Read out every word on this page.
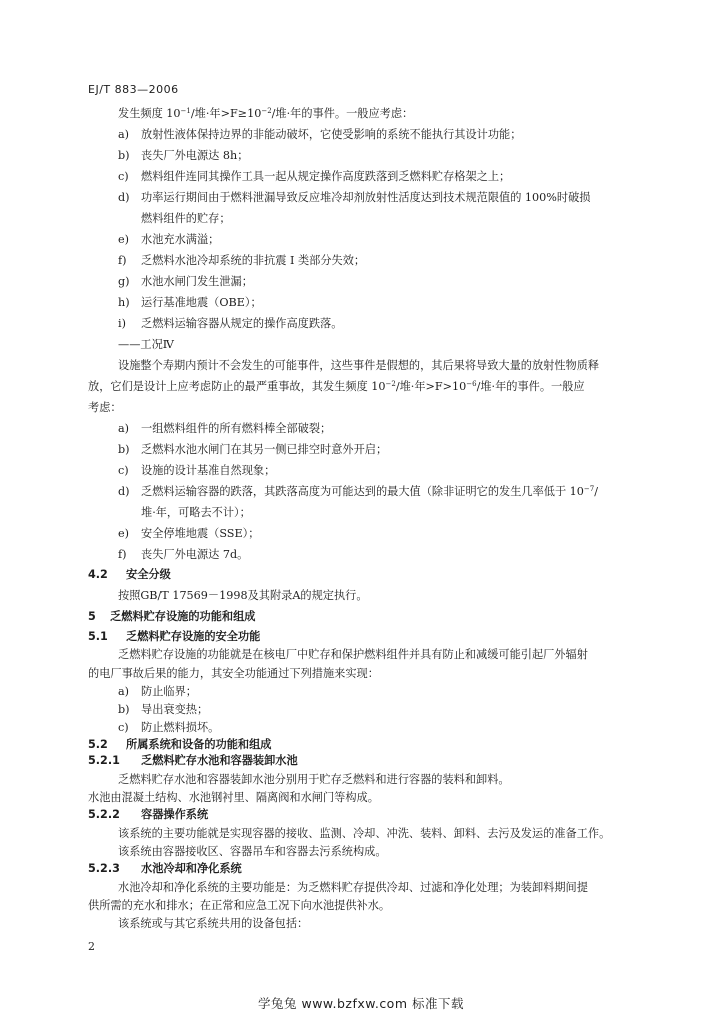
EJ/T 883—2006
发生频度 $10^{-1}/$堆·年$>F\ge 10^{-2}/$堆·年的事件。一般应考虑：
a) 放射性液体保持边界的非能动破坏，它使受影响的系统不能执行其设计功能；
b) 丧失厂外电源达 8h；
c) 燃料组件连同其操作工具一起从规定操作高度跌落到乏燃料贮存格架之上；
d) 功率运行期间由于燃料泄漏导致反应堆冷却剂放射性活度达到技术规范限值的 100%时破损
燃料组件的贮存；
e) 水池充水满溢；
f) 乏燃料水池冷却系统的非抗震 I 类部分失效；
g) 水池水闸门发生泄漏；
h) 运行基准地震（OBE）；
i) 乏燃料运输容器从规定的操作高度跌落。
——工况Ⅳ
设施整个寿期内预计不会发生的可能事件，这些事件是假想的，其后果将导致大量的放射性物质释
放，它们是设计上应考虑防止的最严重事故，其发生频度 $10^{-2}/$堆·年$>F>10^{-6}/$堆·年的事件。一般应
考虑：
a) 一组燃料组件的所有燃料棒全部破裂；
b) 乏燃料水池水闸门在其另一侧已排空时意外开启；
c) 设施的设计基准自然现象；
d) 乏燃料运输容器的跌落，其跌落高度为可能达到的最大值（除非证明它的发生几率低于 $10^{-7}/$
堆·年，可略去不计）；
e) 安全停堆地震（SSE）；
f) 丧失厂外电源达 7d。
4.2 安全分级
按照GB/T 17569－1998及其附录A的规定执行。
5 乏燃料贮存设施的功能和组成
5.1 乏燃料贮存设施的安全功能
乏燃料贮存设施的功能就是在核电厂中贮存和保护燃料组件并具有防止和减缓可能引起厂外辐射
的电厂事故后果的能力，其安全功能通过下列措施来实现：
a) 防止临界；
b) 导出衰变热；
c) 防止燃料损坏。
5.2 所属系统和设备的功能和组成
5.2.1 乏燃料贮存水池和容器装卸水池
乏燃料贮存水池和容器装卸水池分别用于贮存乏燃料和进行容器的装料和卸料。
水池由混凝土结构、水池钢衬里、隔离阀和水闸门等构成。
5.2.2 容器操作系统
该系统的主要功能就是实现容器的接收、监测、冷却、冲洗、装料、卸料、去污及发运的准备工作。
该系统由容器接收区、容器吊车和容器去污系统构成。
5.2.3 水池冷却和净化系统
水池冷却和净化系统的主要功能是：为乏燃料贮存提供冷却、过滤和净化处理；为装卸料期间提
供所需的充水和排水；在正常和应急工况下向水池提供补水。
该系统或与其它系统共用的设备包括：
2
学兔兔 www.bzfxw.com 标准下载
